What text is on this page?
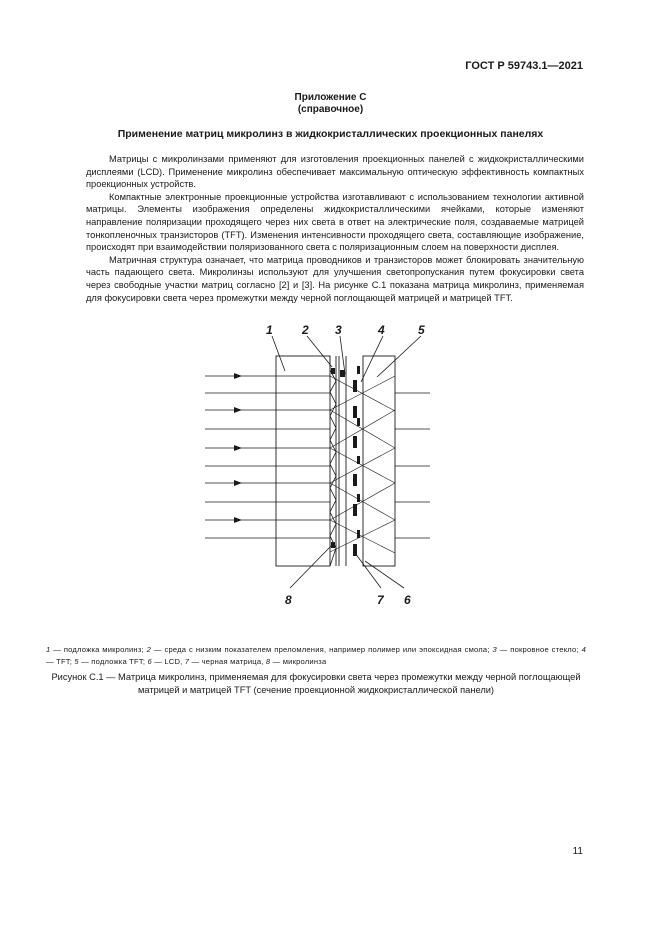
ГОСТ Р 59743.1—2021
Приложение С
(справочное)
Применение матриц микролинз в жидкокристаллических проекционных панелях

Матрицы с микролинзами применяют для изготовления проекционных панелей с жидкокристаллическими дисплеями (LCD). Применение микролинз обеспечивает максимальную оптическую эффективность компактных проекционных устройств.

Компактные электронные проекционные устройства изготавливают с использованием технологии активной матрицы. Элементы изображения определены жидкокристаллическими ячейками, которые изменяют направление поляризации проходящего через них света в ответ на электрические поля, создаваемые матрицей тонкопленочных транзисторов (TFT). Изменения интенсивности проходящего света, составляющие изображение, происходят при взаимодействии поляризованного света с поляризационным слоем на поверхности дисплея.

Матричная структура означает, что матрица проводников и транзисторов может блокировать значительную часть падающего света. Микролинзы используют для улучшения светопропускания путем фокусировки света через свободные участки матриц согласно [2] и [3]. На рисунке С.1 показана матрица микролинз, применяемая для фокусировки света через промежутки между черной поглощающей матрицей и матрицей TFT.

1 2 3	4	5
8	7 6
1 — подложка микролинз; 2 — среда с низким показателем преломления, например полимер или эпоксидная смола; 3 — покровное стекло; 4 — TFT; 5 — подложка TFT; 6 — LCD, 7 — черная матрица, 8 — микролинза
Рисунок С.1 — Матрица микролинз, применяемая для фокусировки света через промежутки между черной поглощающей матрицей и матрицей TFT (сечение проекционной жидкокристаллической панели)
11
